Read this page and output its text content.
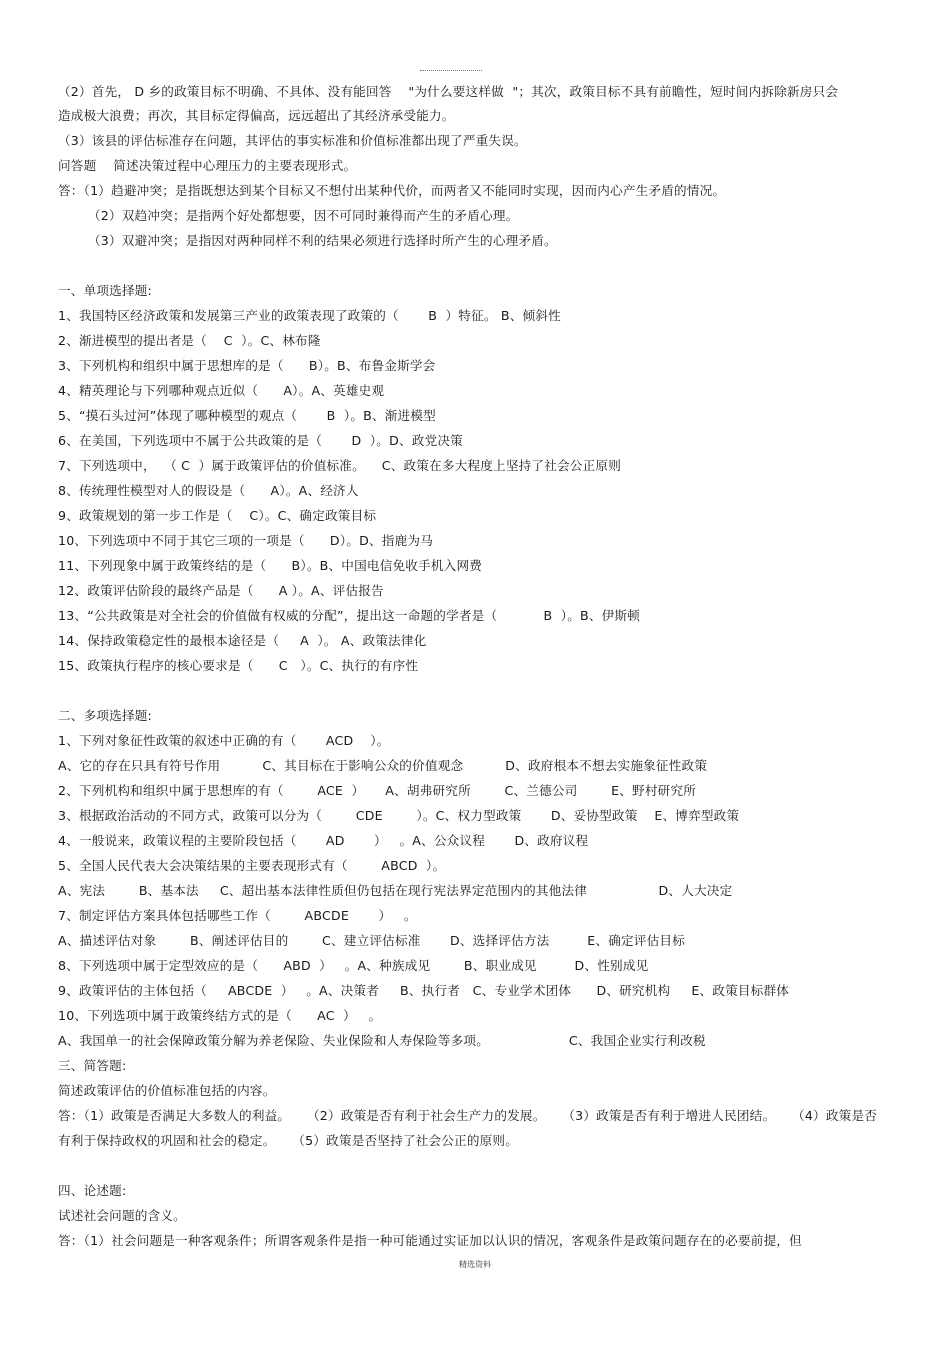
（2）首先， D 乡的政策目标不明确、不具体、没有能回答    "为什么要这样做  "；其次，政策目标不具有前瞻性，短时间内拆除新房只会
造成极大浪费；再次，其目标定得偏高，远远超出了其经济承受能力。
（3）该县的评估标准存在问题，其评估的事实标准和价值标准都出现了严重失误。
问答题    简述决策过程中心理压力的主要表现形式。
答：（1）趋避冲突；是指既想达到某个目标又不想付出某种代价，而两者又不能同时实现，因而内心产生矛盾的情况。
（2）双趋冲突；是指两个好处都想要，因不可同时兼得而产生的矛盾心理。
（3）双避冲突；是指因对两种同样不利的结果必须进行选择时所产生的心理矛盾。
一、单项选择题:
1、我国特区经济政策和发展第三产业的政策表现了政策的（       B  ）特征。 B、倾斜性
2、渐进模型的提出者是（    C  ）。C、林布隆
3、下列机构和组织中属于思想库的是（      B）。B、布鲁金斯学会
4、精英理论与下列哪种观点近似（      A）。A、英雄史观
5、“摸石头过河”体现了哪种模型的观点（       B  ）。B、渐进模型
6、在美国，下列选项中不属于公共政策的是（       D  ）。D、政党决策
7、下列选项中，  （ C  ）属于政策评估的价值标准。    C、政策在多大程度上坚持了社会公正原则
8、传统理性模型对人的假设是（      A）。A、经济人
9、政策规划的第一步工作是（    C）。C、确定政策目标
10、下列选项中不同于其它三项的一项是（      D）。D、指鹿为马
11、下列现象中属于政策终结的是（      B）。B、中国电信免收手机入网费
12、政策评估阶段的最终产品是（      A ）。A、评估报告
13、“公共政策是对全社会的价值做有权威的分配”，提出这一命题的学者是（           B  ）。B、伊斯顿
14、保持政策稳定性的最根本途径是（     A  ）。 A、政策法律化
15、政策执行程序的核心要求是（      C   ）。C、执行的有序性
二、多项选择题:
1、下列对象征性政策的叙述中正确的有（       ACD    ）。
A、它的存在只具有符号作用          C、其目标在于影响公众的价值观念          D、政府根本不想去实施象征性政策
2、下列机构和组织中属于思想库的有（        ACE  ）     A、胡弗研究所        C、兰德公司        E、野村研究所
3、根据政治活动的不同方式，政策可以分为（        CDE        ）。C、权力型政策       D、妥协型政策    E、博弈型政策
4、一般说来，政策议程的主要阶段包括（       AD       ）   。A、公众议程       D、政府议程
5、全国人民代表大会决策结果的主要表现形式有（        ABCD  ）。
A、宪法        B、基本法     C、超出基本法律性质但仍包括在现行宪法界定范围内的其他法律                 D、人大决定
7、制定评估方案具体包括哪些工作（        ABCDE       ）   。
A、描述评估对象        B、阐述评估目的        C、建立评估标准       D、选择评估方法         E、确定评估目标
8、下列选项中属于定型效应的是（      ABD  ）   。A、种族成见        B、职业成见         D、性别成见
9、政策评估的主体包括（     ABCDE  ）   。A、决策者     B、执行者   C、专业学术团体      D、研究机构     E、政策目标群体
10、下列选项中属于政策终结方式的是（      AC  ）   。
A、我国单一的社会保障政策分解为养老保险、失业保险和人寿保险等多项。                   C、我国企业实行利改税
三、简答题:
简述政策评估的价值标准包括的内容。
答：（1）政策是否满足大多数人的利益。    （2）政策是否有利于社会生产力的发展。    （3）政策是否有利于增进人民团结。    （4）政策是否
有利于保持政权的巩固和社会的稳定。    （5）政策是否坚持了社会公正的原则。
四、论述题:
试述社会问题的含义。
答：（1）社会问题是一种客观条件；所谓客观条件是指一种可能通过实证加以认识的情况，客观条件是政策问题存在的必要前提，但
精选资料
